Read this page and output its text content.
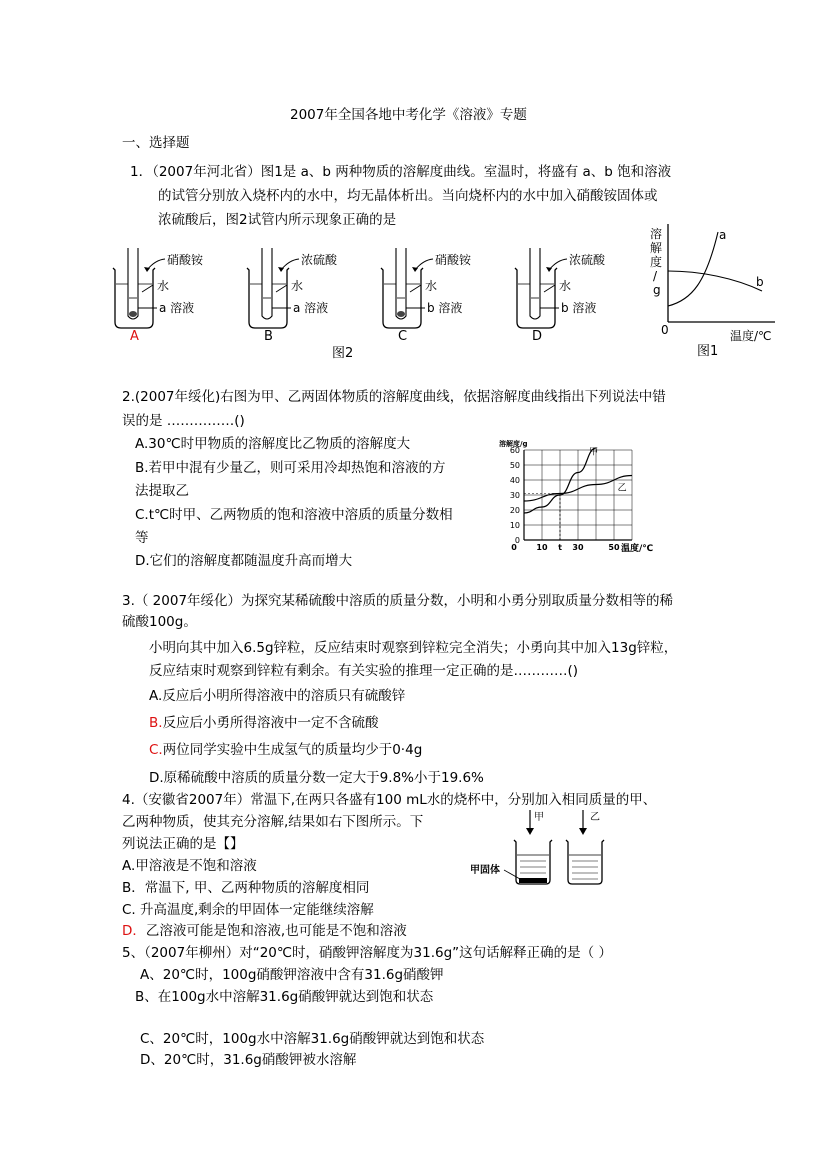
2007年全国各地中考化学《溶液》专题
一、选择题
1．（2007年河北省）图1是 a、b 两种物质的溶解度曲线。室温时，将盛有 a、b 饱和溶液
的试管分别放入烧杯内的水中，均无晶体析出。当向烧杯内的水中加入硝酸铵固体或
浓硫酸后，图2试管内所示现象正确的是
硝酸铵
水
a 溶液
A
浓硫酸
水
a 溶液
B
硝酸铵
水
b 溶液
C
浓硫酸
水
b 溶液
D
图2
溶
解
度
/
g
a
b
0	温度/℃
图1
2.(2007年绥化)右图为甲、乙两固体物质的溶解度曲线，依据溶解度曲线指出下列说法中错
误的是 ……………()
A.30℃时甲物质的溶解度比乙物质的溶解度大
B.若甲中混有少量乙，则可采用冷却热饱和溶液的方
法提取乙
C.t℃时甲、乙两物质的饱和溶液中溶质的质量分数相
等
D.它们的溶解度都随温度升高而增大
溶解度/g
温度/℃
60
50
40
30
20
10
0
0 10 t 30	50
甲
乙
3.（ 2007年绥化）为探究某稀硫酸中溶质的质量分数，小明和小勇分别取质量分数相等的稀
硫酸100g。
小明向其中加入6.5g锌粒，反应结束时观察到锌粒完全消失；小勇向其中加入13g锌粒，
反应结束时观察到锌粒有剩余。有关实验的推理一定正确的是…………()
A.反应后小明所得溶液中的溶质只有硫酸锌
B.反应后小勇所得溶液中一定不含硫酸
C.两位同学实验中生成氢气的质量均少于0·4g
D.原稀硫酸中溶质的质量分数一定大于9.8%小于19.6%
4.（安徽省2007年）常温下,在两只各盛有100 mL水的烧杯中，分别加入相同质量的甲、
乙两种物质，使其充分溶解,结果如右下图所示。下
列说法正确的是【】
A.甲溶液是不饱和溶液
B．常温下, 甲、乙两种物质的溶解度相同
C. 升高温度,剩余的甲固体一定能继续溶解
D．乙溶液可能是饱和溶液,也可能是不饱和溶液
甲	乙
甲固体
5、（2007年柳州）对“20℃时，硝酸钾溶解度为31.6g”这句话解释正确的是（ ）
A、20℃时，100g硝酸钾溶液中含有31.6g硝酸钾
B、在100g水中溶解31.6g硝酸钾就达到饱和状态
C、20℃时，100g水中溶解31.6g硝酸钾就达到饱和状态
D、20℃时，31.6g硝酸钾被水溶解
